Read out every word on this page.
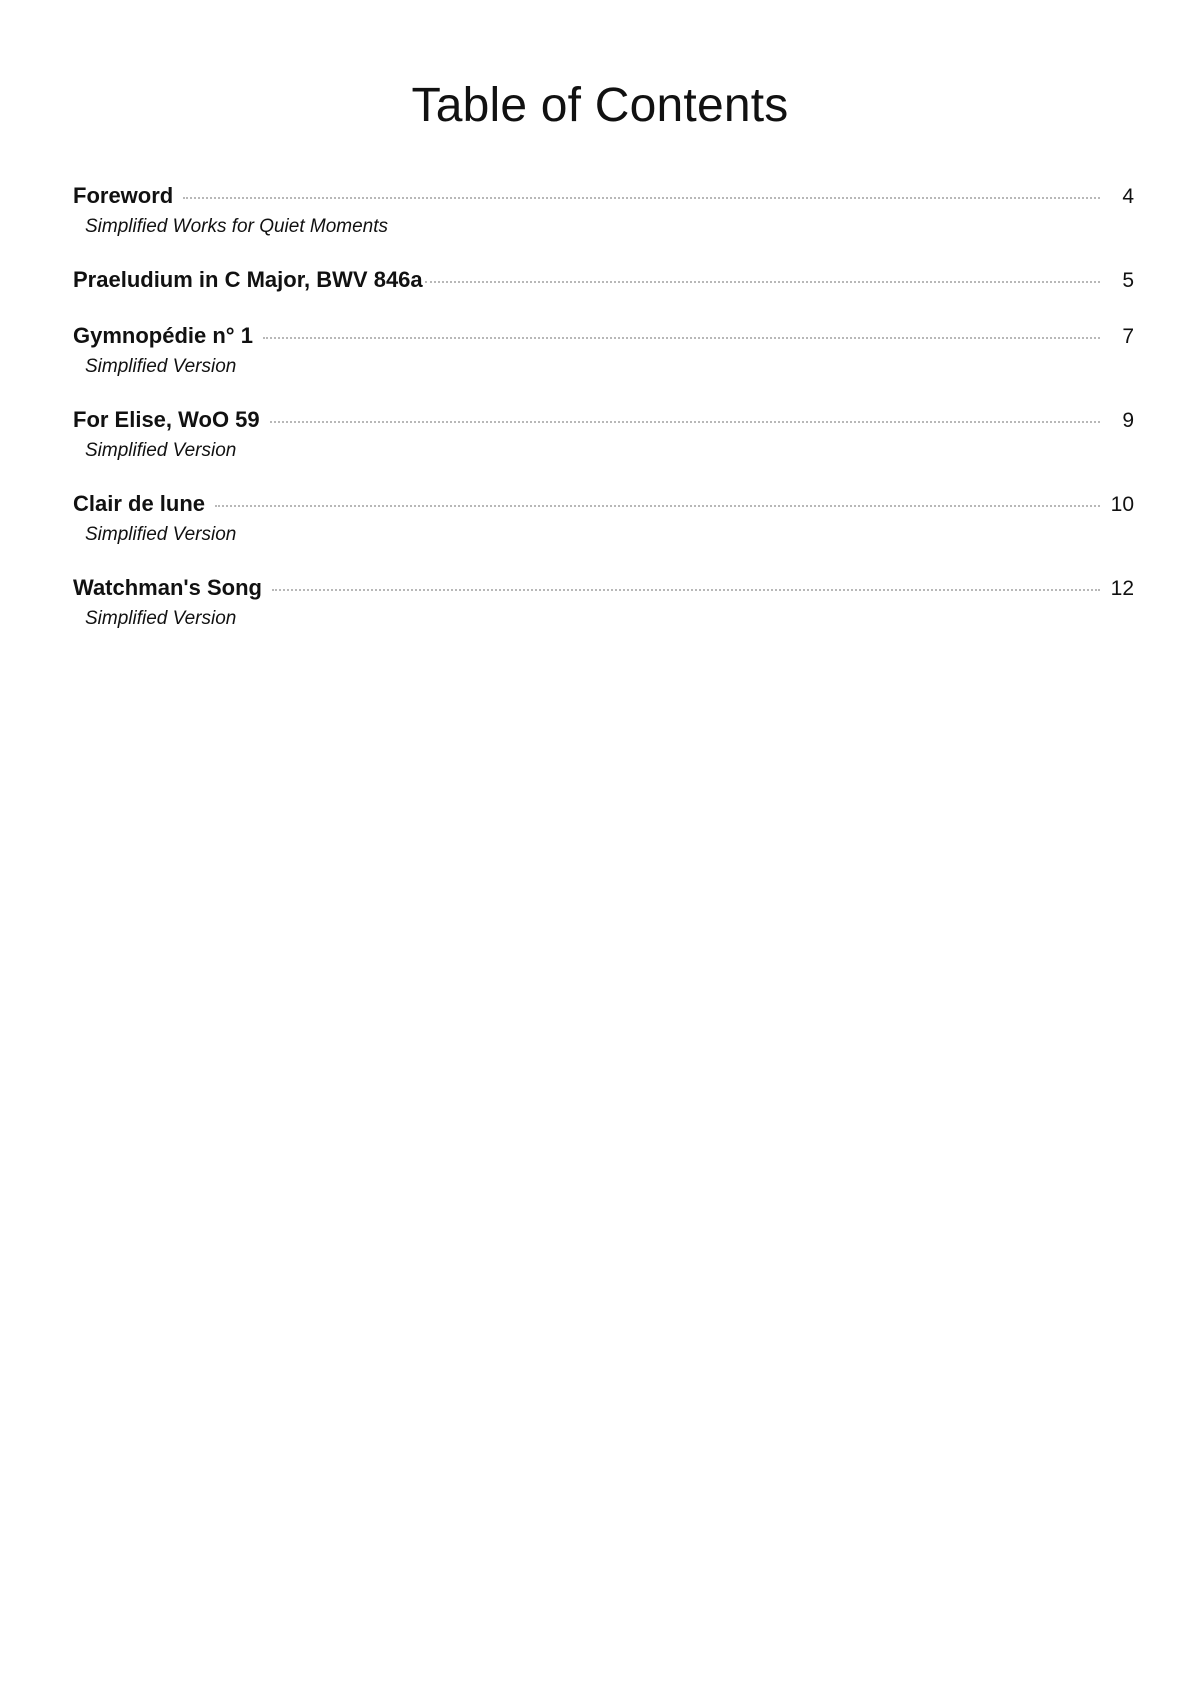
Table of Contents
Foreword	4
Simplified Works for Quiet Moments
Praeludium in C Major, BWV 846a	5
Gymnopédie n° 1	7
Simplified Version
For Elise, WoO 59	9
Simplified Version
Clair de lune	10
Simplified Version
Watchman's Song	12
Simplified Version
